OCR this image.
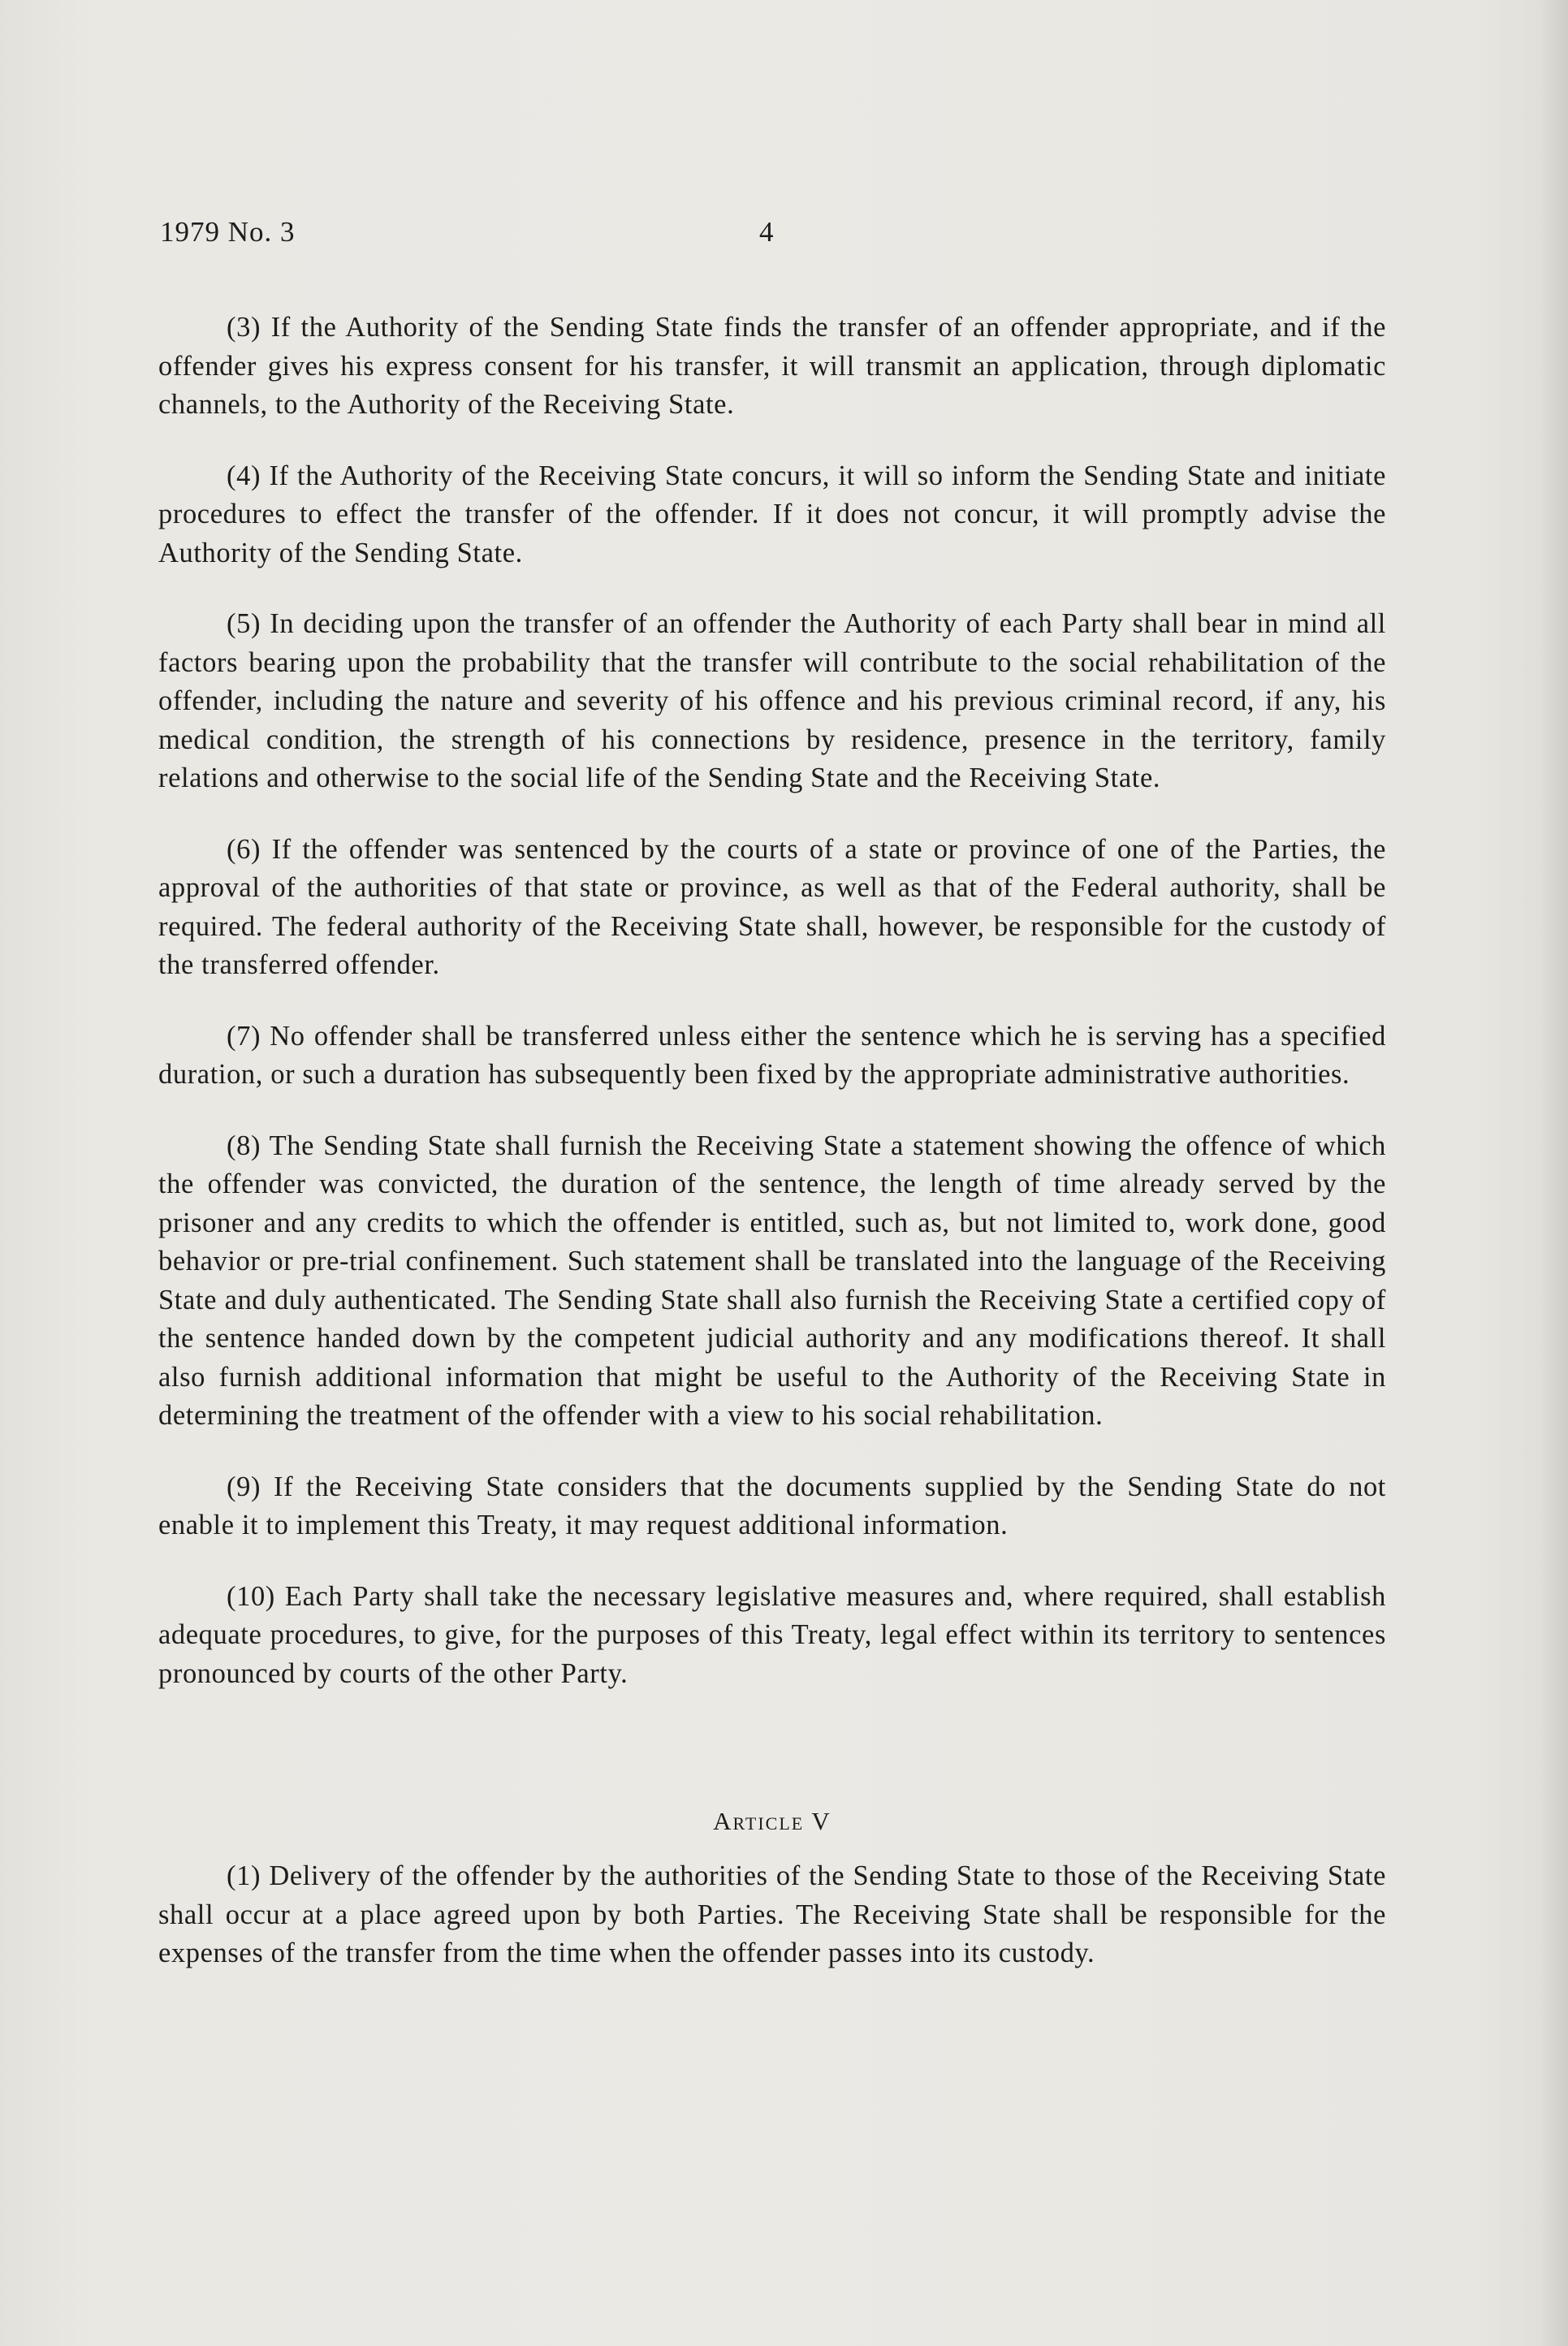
1979 No. 3	4

(3) If the Authority of the Sending State finds the transfer of an offender appropriate, and if the offender gives his express consent for his transfer, it will transmit an application, through diplomatic channels, to the Authority of the Receiving State.

(4) If the Authority of the Receiving State concurs, it will so inform the Sending State and initiate procedures to effect the transfer of the offender. If it does not concur, it will promptly advise the Authority of the Sending State.

(5) In deciding upon the transfer of an offender the Authority of each Party shall bear in mind all factors bearing upon the probability that the transfer will contribute to the social rehabilitation of the offender, including the nature and severity of his offence and his previous criminal record, if any, his medical condition, the strength of his connections by residence, presence in the territory, family relations and otherwise to the social life of the Sending State and the Receiving State.

(6) If the offender was sentenced by the courts of a state or province of one of the Parties, the approval of the authorities of that state or province, as well as that of the Federal authority, shall be required. The federal authority of the Receiving State shall, however, be responsible for the custody of the transferred offender.

(7) No offender shall be transferred unless either the sentence which he is serving has a specified duration, or such a duration has subsequently been fixed by the appropriate administrative authorities.

(8) The Sending State shall furnish the Receiving State a statement showing the offence of which the offender was convicted, the duration of the sentence, the length of time already served by the prisoner and any credits to which the offender is entitled, such as, but not limited to, work done, good behavior or pre-trial confinement. Such statement shall be translated into the language of the Receiving State and duly authenticated. The Sending State shall also furnish the Receiving State a certified copy of the sentence handed down by the competent judicial authority and any modifications thereof. It shall also furnish additional information that might be useful to the Authority of the Receiving State in determining the treatment of the offender with a view to his social rehabilitation.

(9) If the Receiving State considers that the documents supplied by the Sending State do not enable it to implement this Treaty, it may request additional information.

(10) Each Party shall take the necessary legislative measures and, where required, shall establish adequate procedures, to give, for the purposes of this Treaty, legal effect within its territory to sentences pronounced by courts of the other Party.

Article V

(1) Delivery of the offender by the authorities of the Sending State to those of the Receiving State shall occur at a place agreed upon by both Parties. The Receiving State shall be responsible for the expenses of the transfer from the time when the offender passes into its custody.
